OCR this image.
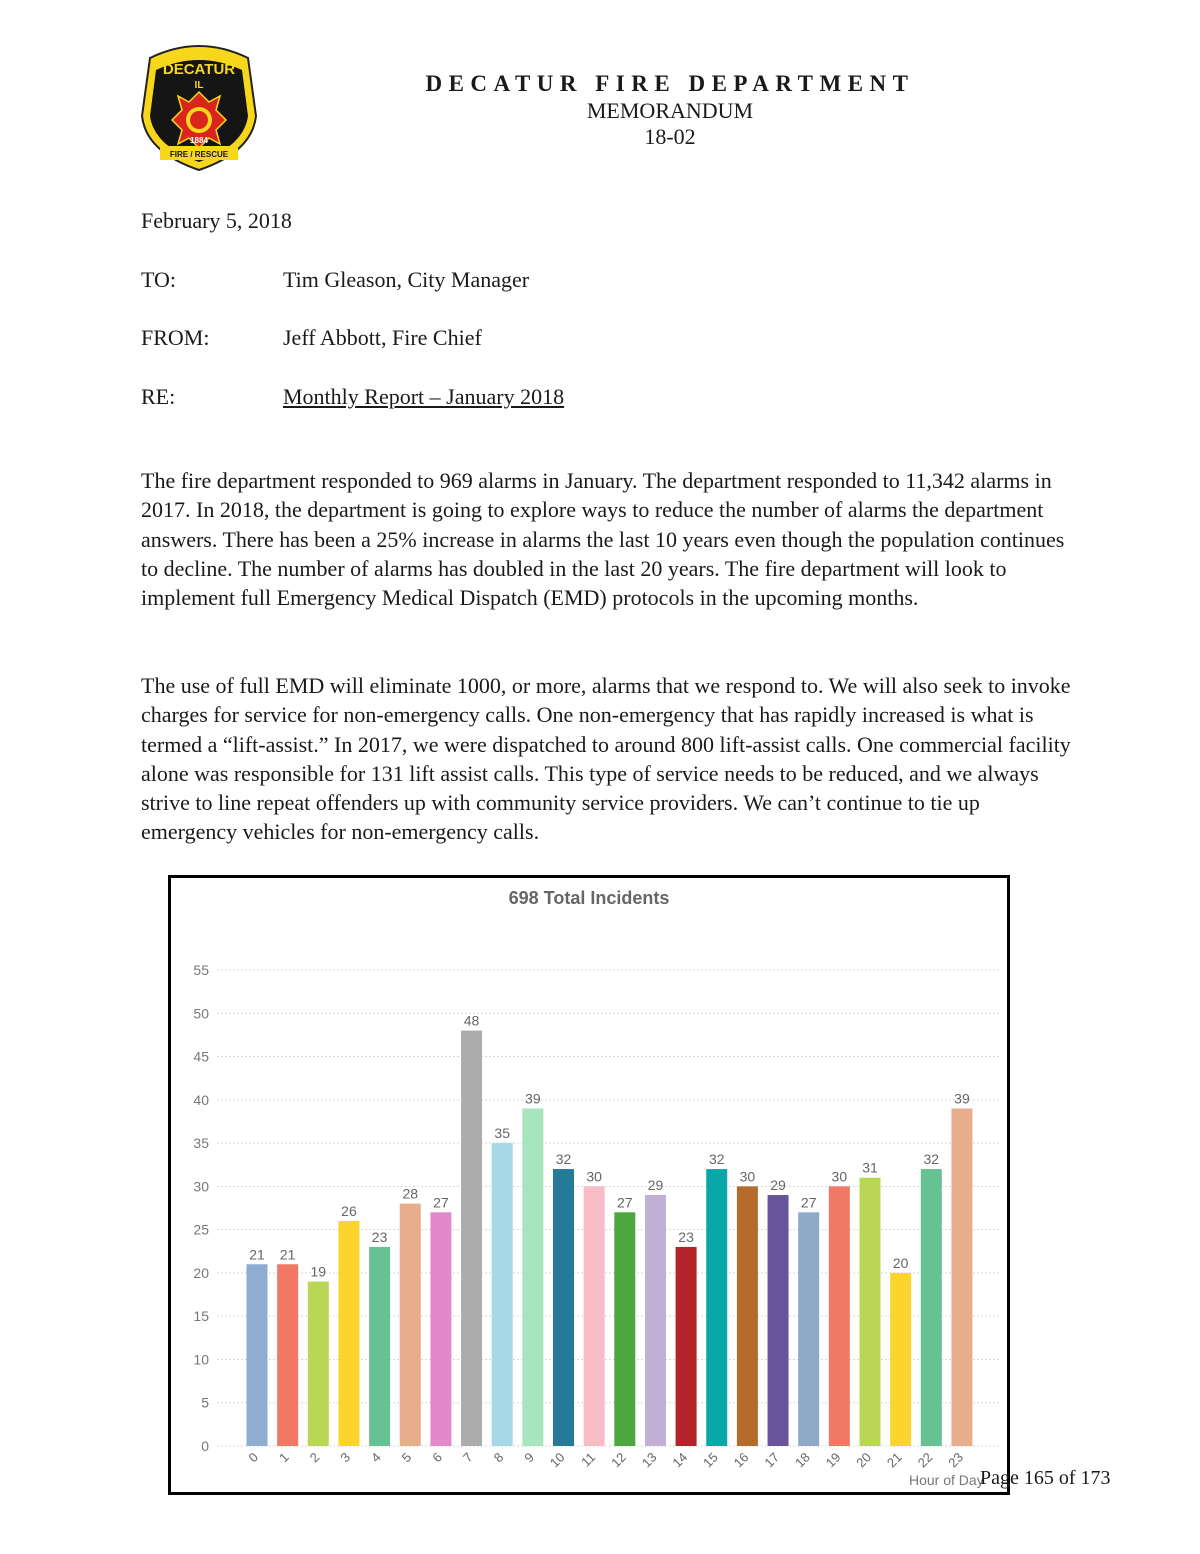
DECATUR
IL
1884
FIRE / RESCUE
DECATUR FIRE DEPARTMENT
MEMORANDUM
18-02
February 5, 2018
TO:	Tim Gleason, City Manager
FROM:	Jeff Abbott, Fire Chief
RE:	Monthly Report – January 2018
The fire department responded to 969 alarms in January. The department responded to 11,342 alarms in 2017. In 2018, the department is going to explore ways to reduce the number of alarms the department answers. There has been a 25% increase in alarms the last 10 years even though the population continues to decline. The number of alarms has doubled in the last 20 years. The fire department will look to implement full Emergency Medical Dispatch (EMD) protocols in the upcoming months.
The use of full EMD will eliminate 1000, or more, alarms that we respond to. We will also seek to invoke charges for service for non-emergency calls. One non-emergency that has rapidly increased is what is termed a “lift-assist.” In 2017, we were dispatched to around 800 lift-assist calls. One commercial facility alone was responsible for 131 lift assist calls. This type of service needs to be reduced, and we always strive to line repeat offenders up with community service providers. We can’t continue to tie up emergency vehicles for non-emergency calls.
0
5
10
15
20
25
30
35
40
45
50
55
21
0
21
1
19
2
26
3
23
4
28
5
27
6
48
7
35
8
39
9
32
10
30
11
27
12
29
13
23
14
32
15
30
16
29
17
27
18
30
19
31
20
20
21
32
22
39
23
698 Total Incidents
Hour of Day
Page 165 of 173
